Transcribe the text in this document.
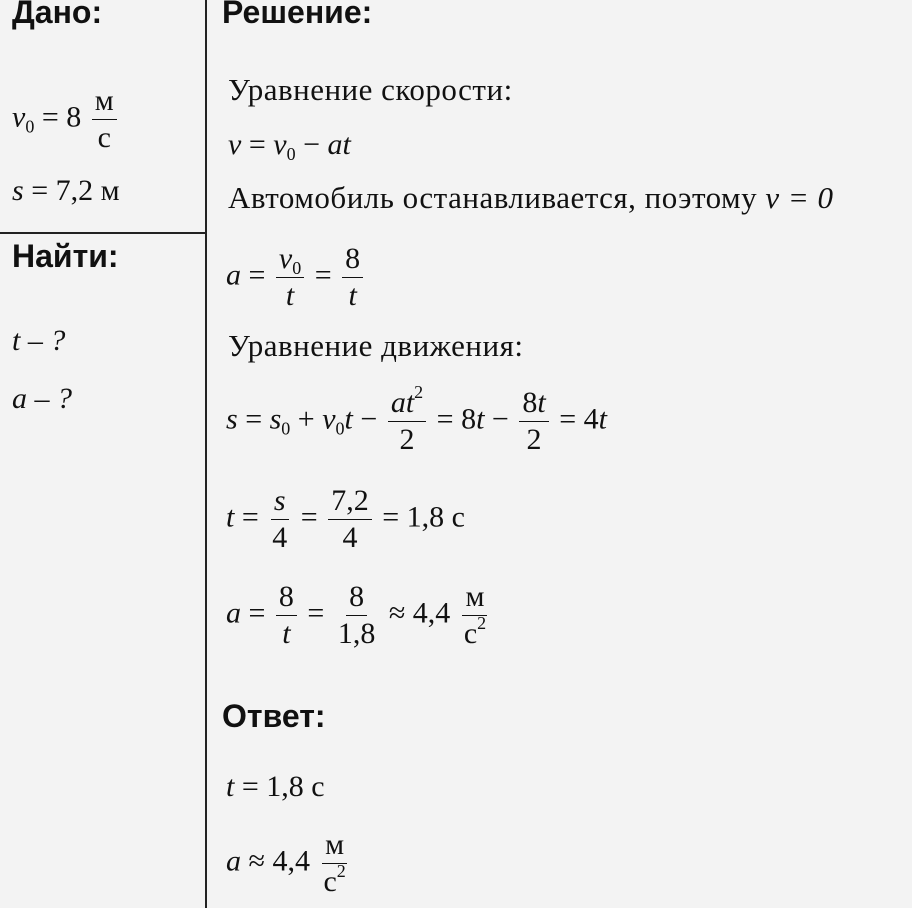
Дано:	Решение:
Найти:
Ответ:
$v_0 = 8 \frac{м}{с}$
s = 7,2 м
t – ?
a – ?
Уравнение скорости:
$v = v_0$ − at
Автомобиль останавливается, поэтому v = 0
$a = \frac{v_0}{t} = \frac{8}{t}$
Уравнение движения:
$s = s_0 + v_0t - \frac{at^2}{2} = 8t - \frac{8t}{2} = 4t$
$t = \frac{s}{4} = \frac{7,2}{4} = 1,8$ с
$a = \frac{8}{t} = \frac{8}{1,8} \approx 4,4 \frac{м}{с^2}$
t = 1,8 с
$a \approx 4,4 \frac{м}{с^2}$
